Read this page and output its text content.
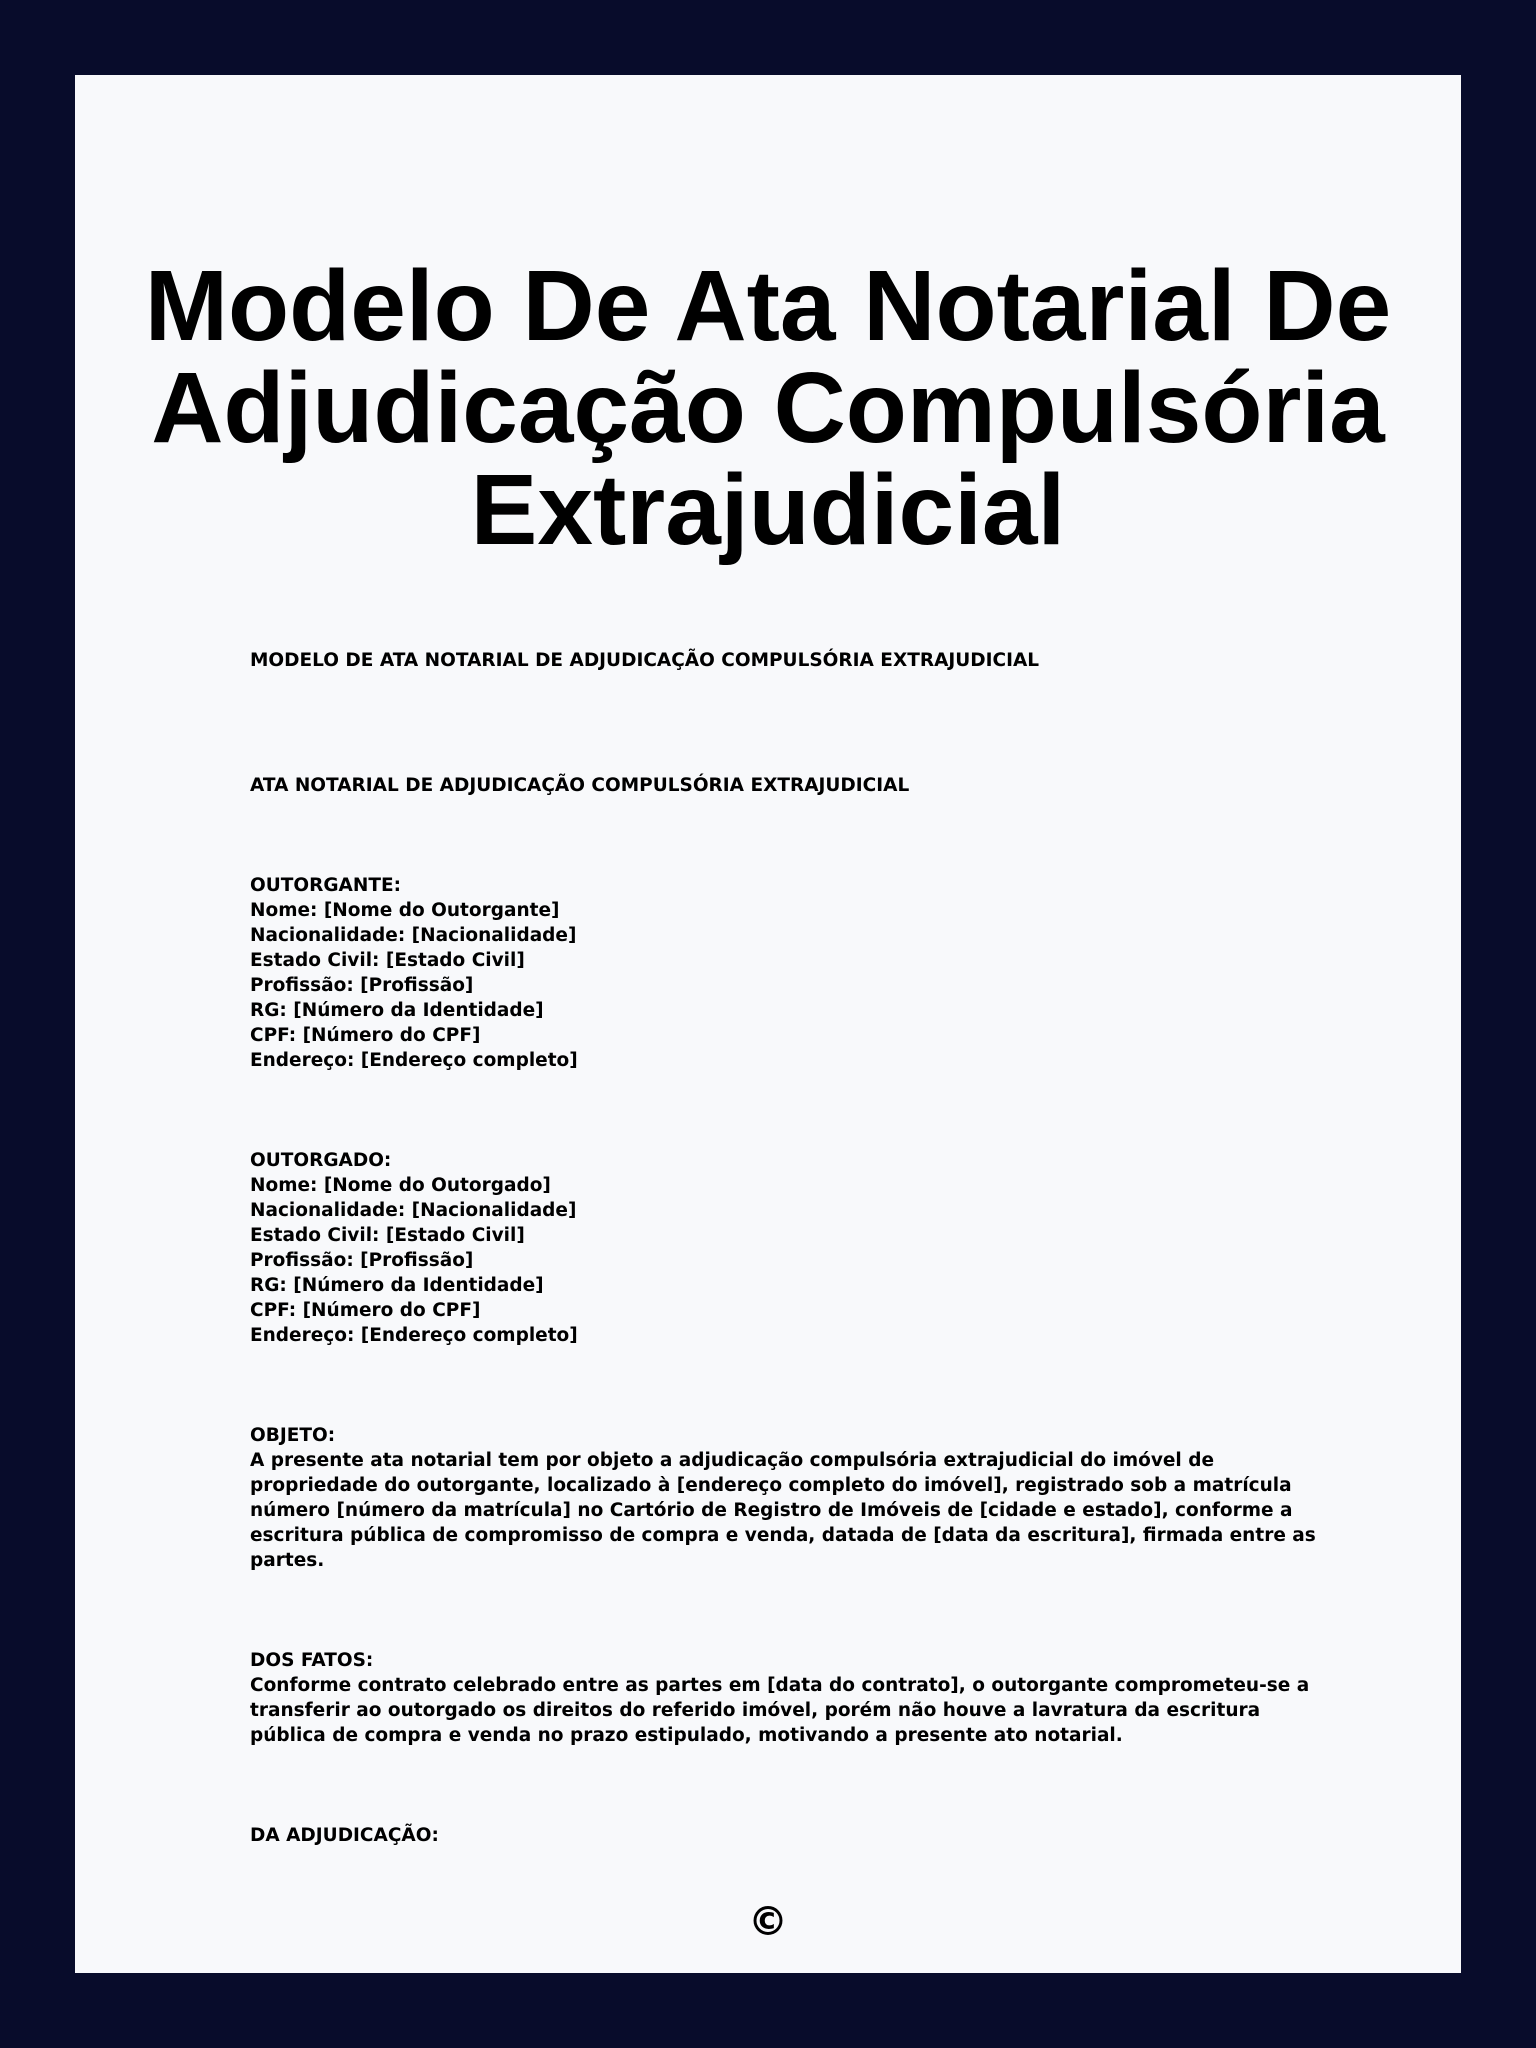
Modelo De Ata Notarial De Adjudicação Compulsória Extrajudicial

MODELO DE ATA NOTARIAL DE ADJUDICAÇÃO COMPULSÓRIA EXTRAJUDICIAL

ATA NOTARIAL DE ADJUDICAÇÃO COMPULSÓRIA EXTRAJUDICIAL

OUTORGANTE:
Nome: [Nome do Outorgante]
Nacionalidade: [Nacionalidade]
Estado Civil: [Estado Civil]
Profissão: [Profissão]
RG: [Número da Identidade]
CPF: [Número do CPF]
Endereço: [Endereço completo]
OUTORGADO:
Nome: [Nome do Outorgado]
Nacionalidade: [Nacionalidade]
Estado Civil: [Estado Civil]
Profissão: [Profissão]
RG: [Número da Identidade]
CPF: [Número do CPF]
Endereço: [Endereço completo]
OBJETO:
A presente ata notarial tem por objeto a adjudicação compulsória extrajudicial do imóvel de propriedade do outorgante, localizado à [endereço completo do imóvel], registrado sob a matrícula número [número da matrícula] no Cartório de Registro de Imóveis de [cidade e estado], conforme a escritura pública de compromisso de compra e venda, datada de [data da escritura], firmada entre as partes.
DOS FATOS:
Conforme contrato celebrado entre as partes em [data do contrato], o outorgante comprometeu-se a transferir ao outorgado os direitos do referido imóvel, porém não houve a lavratura da escritura pública de compra e venda no prazo estipulado, motivando a presente ato notarial.
DA ADJUDICAÇÃO:
©
